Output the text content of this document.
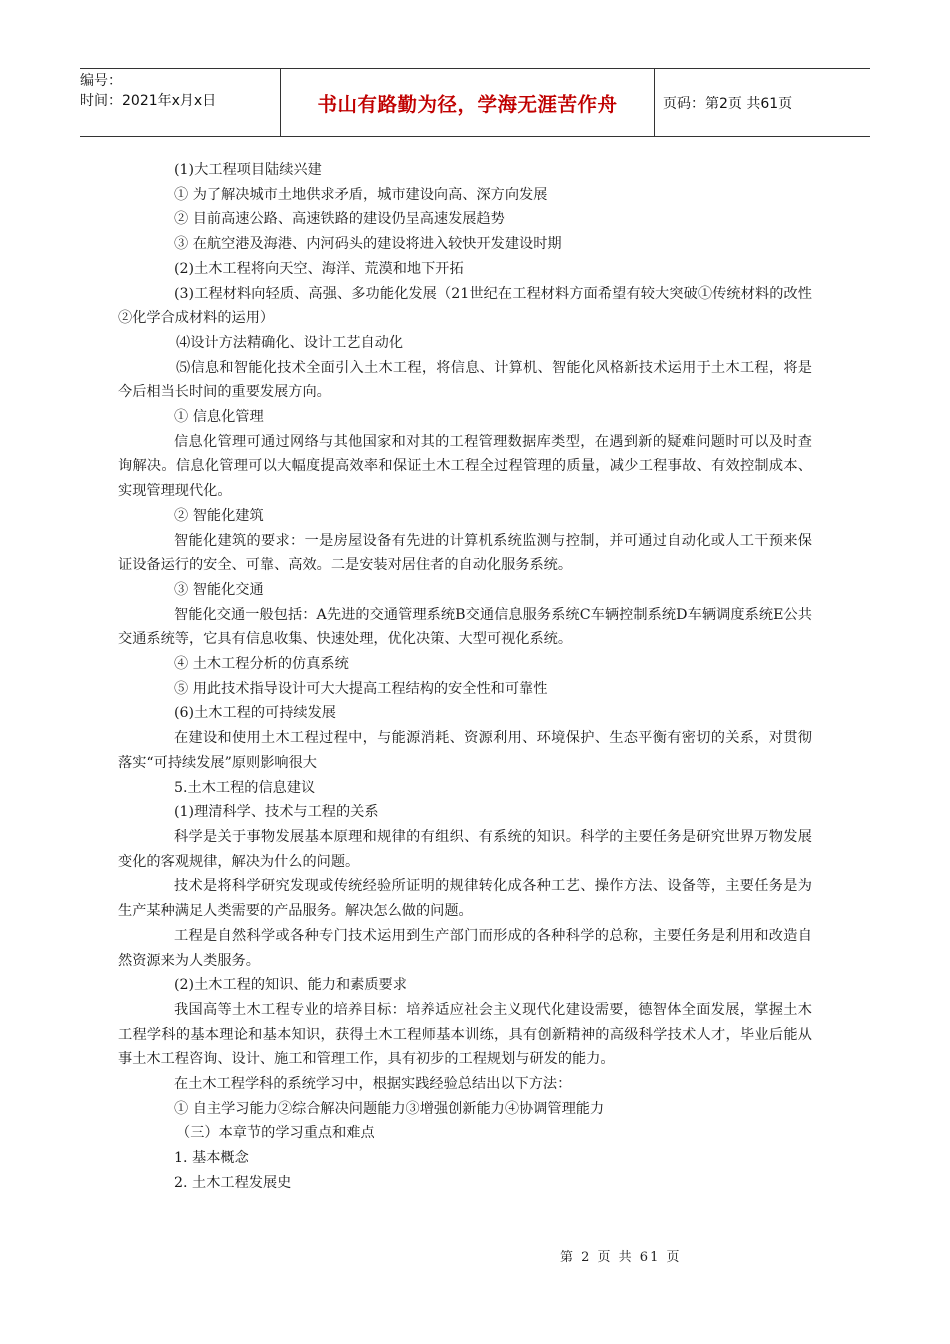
编号：
时间：2021年x月x日	书山有路勤为径，学海无涯苦作舟	页码：第2页 共61页

(1)大工程项目陆续兴建

① 为了解决城市土地供求矛盾，城市建设向高、深方向发展

② 目前高速公路、高速铁路的建设仍呈高速发展趋势

③ 在航空港及海港、内河码头的建设将进入较快开发建设时期

(2)土木工程将向天空、海洋、荒漠和地下开拓

(3)工程材料向轻质、高强、多功能化发展（21世纪在工程材料方面希望有较大突破①传统材料的改性②化学合成材料的运用）

⑷设计方法精确化、设计工艺自动化

⑸信息和智能化技术全面引入土木工程，将信息、计算机、智能化风格新技术运用于土木工程，将是今后相当长时间的重要发展方向。

① 信息化管理

信息化管理可通过网络与其他国家和对其的工程管理数据库类型，在遇到新的疑难问题时可以及时查询解决。信息化管理可以大幅度提高效率和保证土木工程全过程管理的质量，减少工程事故、有效控制成本、实现管理现代化。

② 智能化建筑

智能化建筑的要求：一是房屋设备有先进的计算机系统监测与控制，并可通过自动化或人工干预来保证设备运行的安全、可靠、高效。二是安装对居住者的自动化服务系统。

③ 智能化交通

智能化交通一般包括：A先进的交通管理系统B交通信息服务系统C车辆控制系统D车辆调度系统E公共交通系统等，它具有信息收集、快速处理，优化决策、大型可视化系统。

④ 土木工程分析的仿真系统

⑤ 用此技术指导设计可大大提高工程结构的安全性和可靠性

(6)土木工程的可持续发展

在建设和使用土木工程过程中，与能源消耗、资源利用、环境保护、生态平衡有密切的关系，对贯彻落实“可持续发展”原则影响很大

5.土木工程的信息建议

(1)理清科学、技术与工程的关系

科学是关于事物发展基本原理和规律的有组织、有系统的知识。科学的主要任务是研究世界万物发展变化的客观规律，解决为什么的问题。

技术是将科学研究发现或传统经验所证明的规律转化成各种工艺、操作方法、设备等，主要任务是为生产某种满足人类需要的产品服务。解决怎么做的问题。

工程是自然科学或各种专门技术运用到生产部门而形成的各种科学的总称，主要任务是利用和改造自然资源来为人类服务。

(2)土木工程的知识、能力和素质要求

我国高等土木工程专业的培养目标：培养适应社会主义现代化建设需要，德智体全面发展，掌握土木工程学科的基本理论和基本知识，获得土木工程师基本训练，具有创新精神的高级科学技术人才，毕业后能从事土木工程咨询、设计、施工和管理工作，具有初步的工程规划与研发的能力。

在土木工程学科的系统学习中，根据实践经验总结出以下方法：

① 自主学习能力②综合解决问题能力③增强创新能力④协调管理能力

（三）本章节的学习重点和难点

1. 基本概念

2. 土木工程发展史

第 2 页 共 61 页
